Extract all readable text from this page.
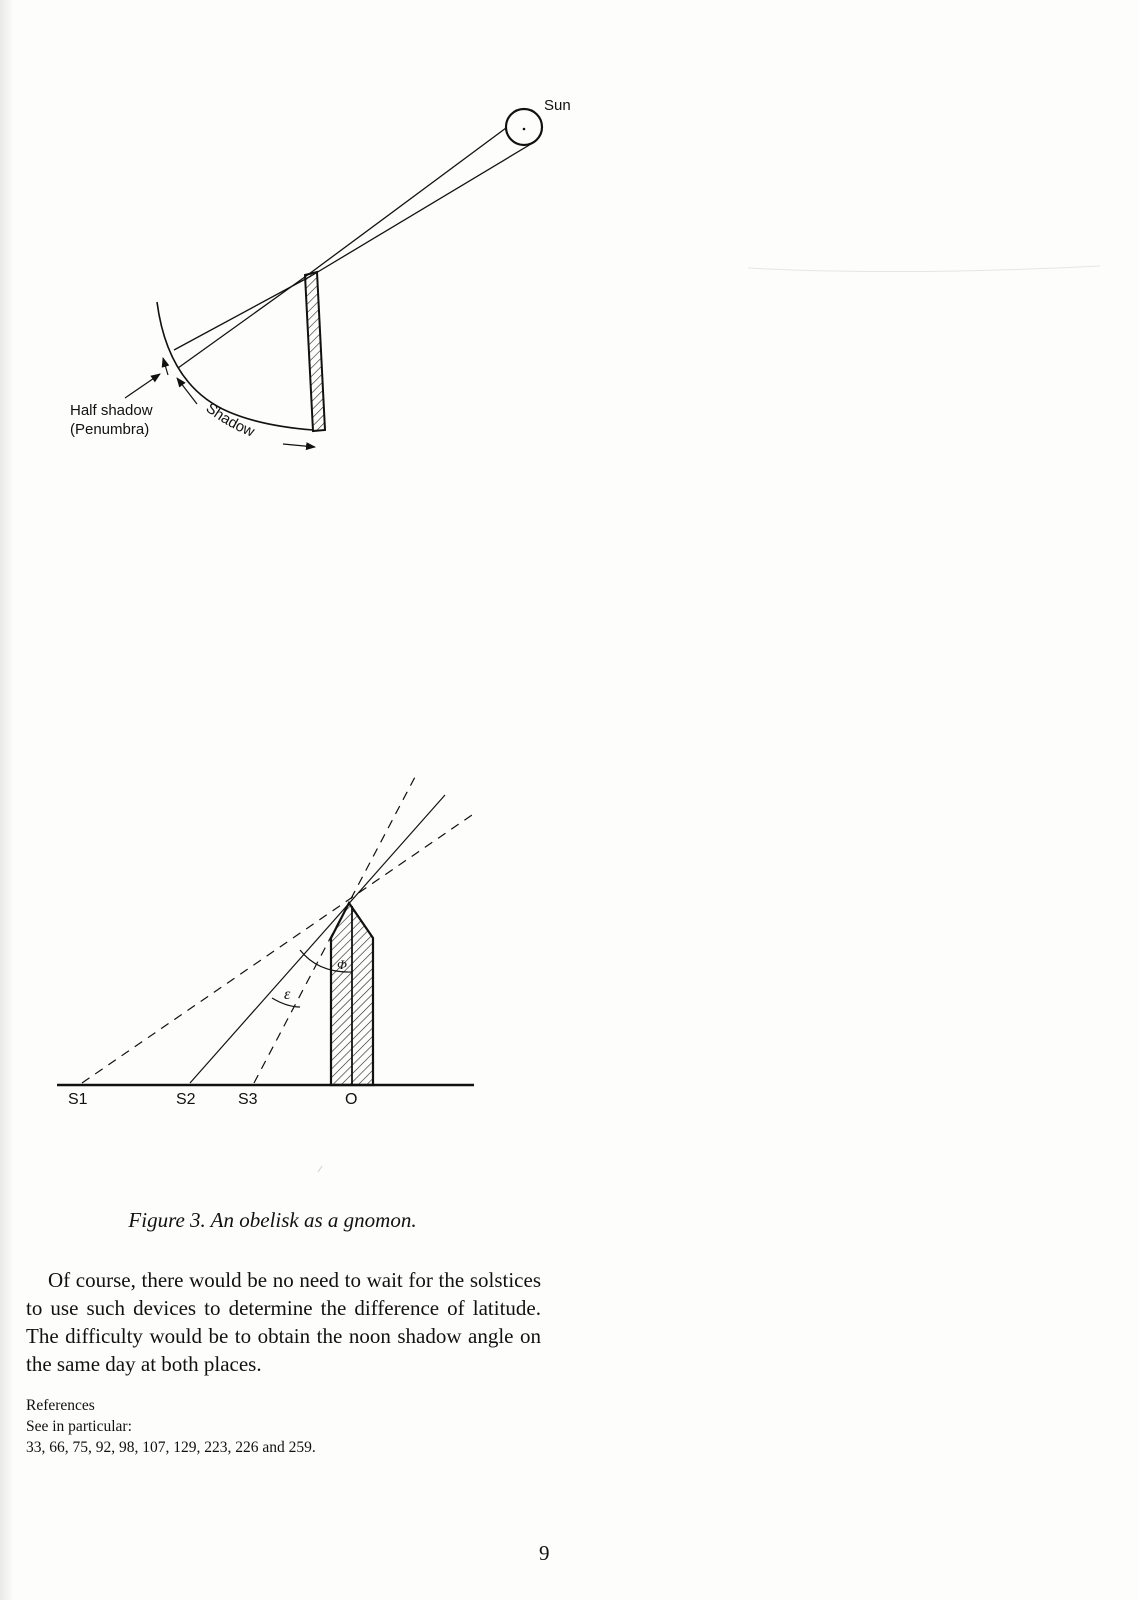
Sun
Half shadow
(Penumbra)
Shadow
ε
Φ
S1	S2	S3	O
Figure 3. An obelisk as a gnomon.
Of course, there would be no need to wait for the solstices to use such devices to determine the difference of latitude. The difficulty would be to obtain the noon shadow angle on the same day at both places.
References
See in particular:
33, 66, 75, 92, 98, 107, 129, 223, 226 and 259.
9
